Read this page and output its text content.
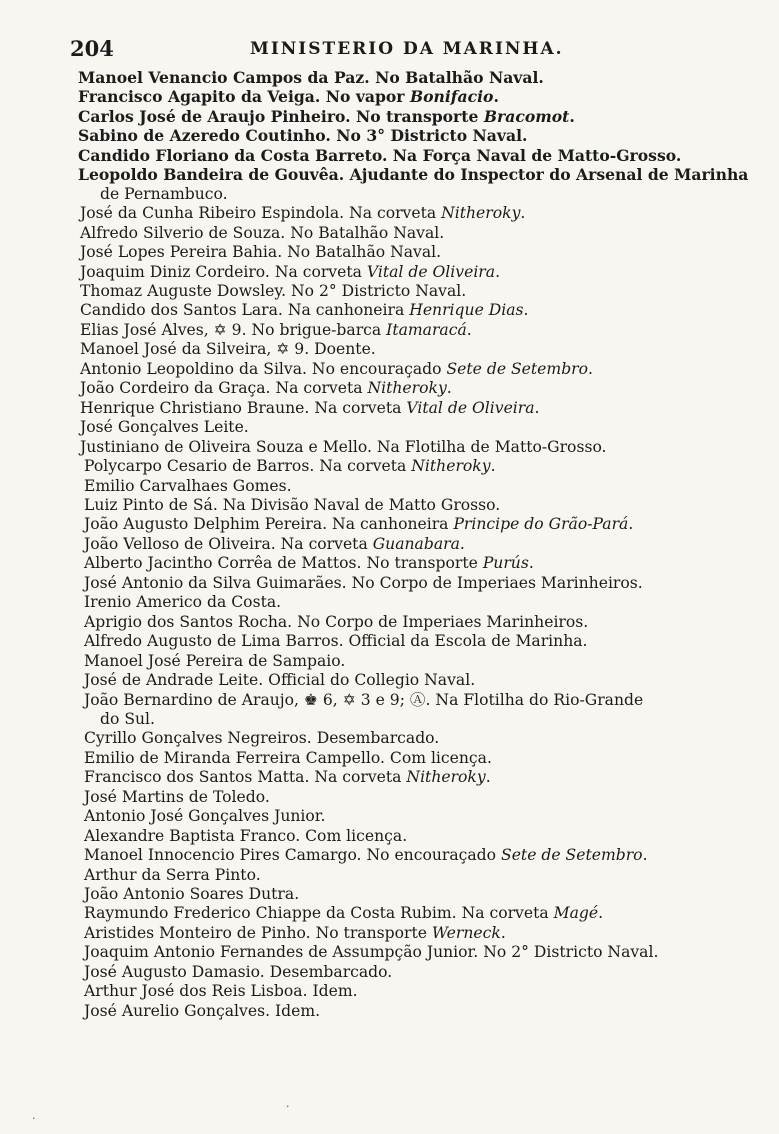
204	MINISTERIO DA MARINHA.
Manoel Venancio Campos da Paz. No Batalhão Naval.
Francisco Agapito da Veiga. No vapor Bonifacio.
Carlos José de Araujo Pinheiro. No transporte Bracomot.
Sabino de Azeredo Coutinho. No 3° Districto Naval.
Candido Floriano da Costa Barreto. Na Força Naval de Matto-Grosso.
Leopoldo Bandeira de Gouvêa. Ajudante do Inspector do Arsenal de Marinha
de Pernambuco.
José da Cunha Ribeiro Espindola. Na corveta Nitheroky.
Alfredo Silverio de Souza. No Batalhão Naval.
José Lopes Pereira Bahia. No Batalhão Naval.
Joaquim Diniz Cordeiro. Na corveta Vital de Oliveira.
Thomaz Auguste Dowsley. No 2° Districto Naval.
Candido dos Santos Lara. Na canhoneira Henrique Dias.
Elias José Alves, ✡ 9. No brigue-barca Itamaracá.
Manoel José da Silveira, ✡ 9. Doente.
Antonio Leopoldino da Silva. No encouraçado Sete de Setembro.
João Cordeiro da Graça. Na corveta Nitheroky.
Henrique Christiano Braune. Na corveta Vital de Oliveira.
José Gonçalves Leite.
Justiniano de Oliveira Souza e Mello. Na Flotilha de Matto-Grosso.
Polycarpo Cesario de Barros. Na corveta Nitheroky.
Emilio Carvalhaes Gomes.
Luiz Pinto de Sá. Na Divisão Naval de Matto Grosso.
João Augusto Delphim Pereira. Na canhoneira Principe do Grão-Pará.
João Velloso de Oliveira. Na corveta Guanabara.
Alberto Jacintho Corrêa de Mattos. No transporte Purús.
José Antonio da Silva Guimarães. No Corpo de Imperiaes Marinheiros.
Irenio Americo da Costa.
Aprigio dos Santos Rocha. No Corpo de Imperiaes Marinheiros.
Alfredo Augusto de Lima Barros. Official da Escola de Marinha.
Manoel José Pereira de Sampaio.
José de Andrade Leite. Official do Collegio Naval.
João Bernardino de Araujo, ♚ 6, ✡ 3 e 9; Ⓐ. Na Flotilha do Rio-Grande
do Sul.
Cyrillo Gonçalves Negreiros. Desembarcado.
Emilio de Miranda Ferreira Campello. Com licença.
Francisco dos Santos Matta. Na corveta Nitheroky.
José Martins de Toledo.
Antonio José Gonçalves Junior.
Alexandre Baptista Franco. Com licença.
Manoel Innocencio Pires Camargo. No encouraçado Sete de Setembro.
Arthur da Serra Pinto.
João Antonio Soares Dutra.
Raymundo Frederico Chiappe da Costa Rubim. Na corveta Magé.
Aristides Monteiro de Pinho. No transporte Werneck.
Joaquim Antonio Fernandes de Assumpção Junior. No 2° Districto Naval.
José Augusto Damasio. Desembarcado.
Arthur José dos Reis Lisboa. Idem.
José Aurelio Gonçalves. Idem.
·
·
